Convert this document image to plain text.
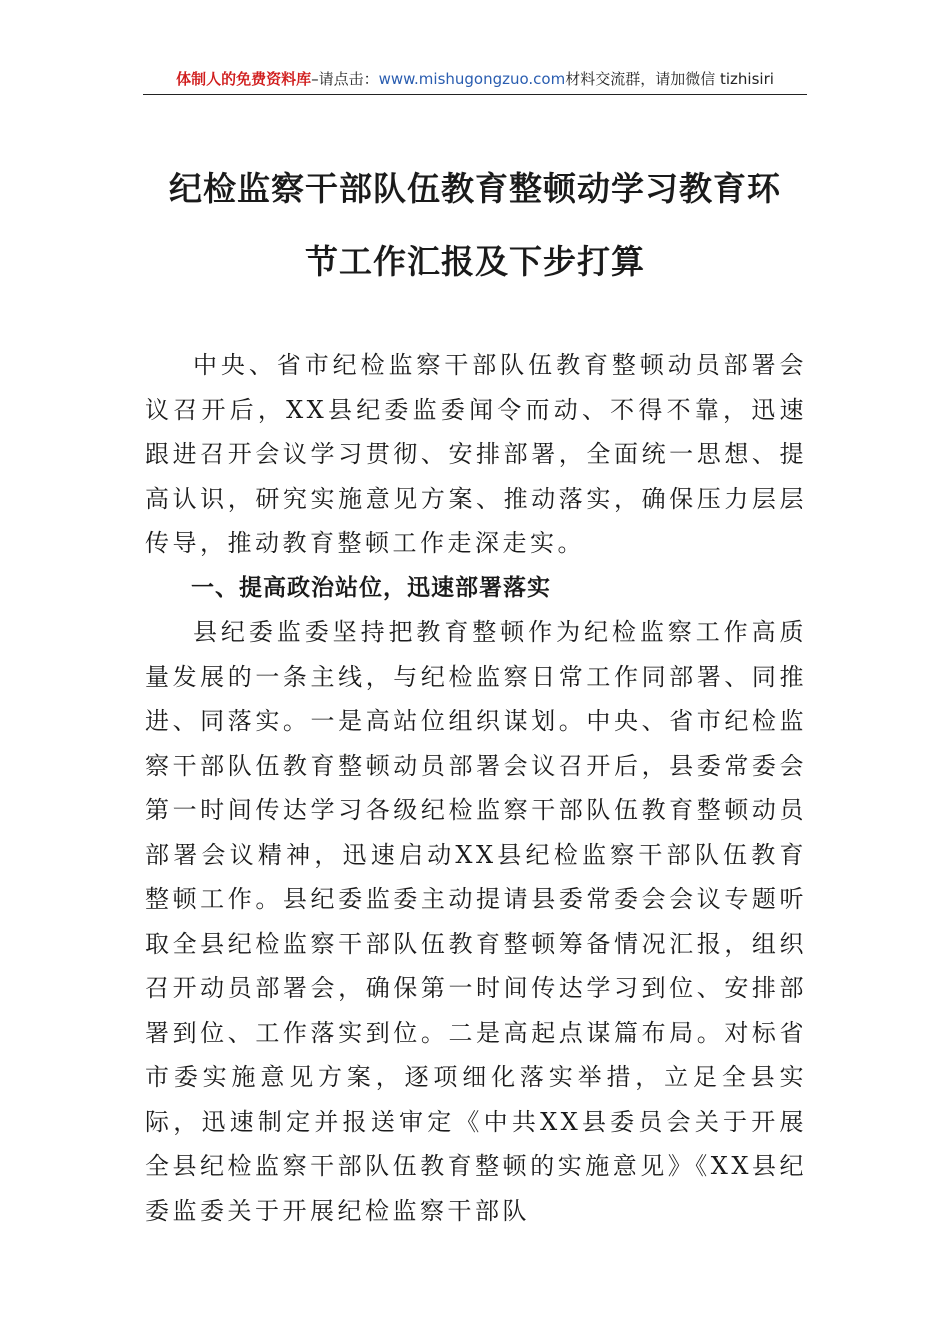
体制人的免费资料库–请点击：www.mishugongzuo.com材料交流群，请加微信 tizhisiri
纪检监察干部队伍教育整顿动学习教育环
节工作汇报及下步打算

中央、省市纪检监察干部队伍教育整顿动员部署会议召开后，XX县纪委监委闻令而动、不得不靠，迅速跟进召开会议学习贯彻、安排部署，全面统一思想、提高认识，研究实施意见方案、推动落实，确保压力层层传导，推动教育整顿工作走深走实。

一、提高政治站位，迅速部署落实

县纪委监委坚持把教育整顿作为纪检监察工作高质量发展的一条主线，与纪检监察日常工作同部署、同推进、同落实。一是高站位组织谋划。中央、省市纪检监察干部队伍教育整顿动员部署会议召开后，县委常委会第一时间传达学习各级纪检监察干部队伍教育整顿动员部署会议精神，迅速启动XX县纪检监察干部队伍教育整顿工作。县纪委监委主动提请县委常委会会议专题听取全县纪检监察干部队伍教育整顿筹备情况汇报，组织召开动员部署会，确保第一时间传达学习到位、安排部署到位、工作落实到位。二是高起点谋篇布局。对标省市委实施意见方案，逐项细化落实举措，立足全县实际，迅速制定并报送审定《中共XX县委员会关于开展全县纪检监察干部队伍教育整顿的实施意见》《XX县纪委监委关于开展纪检监察干部队
